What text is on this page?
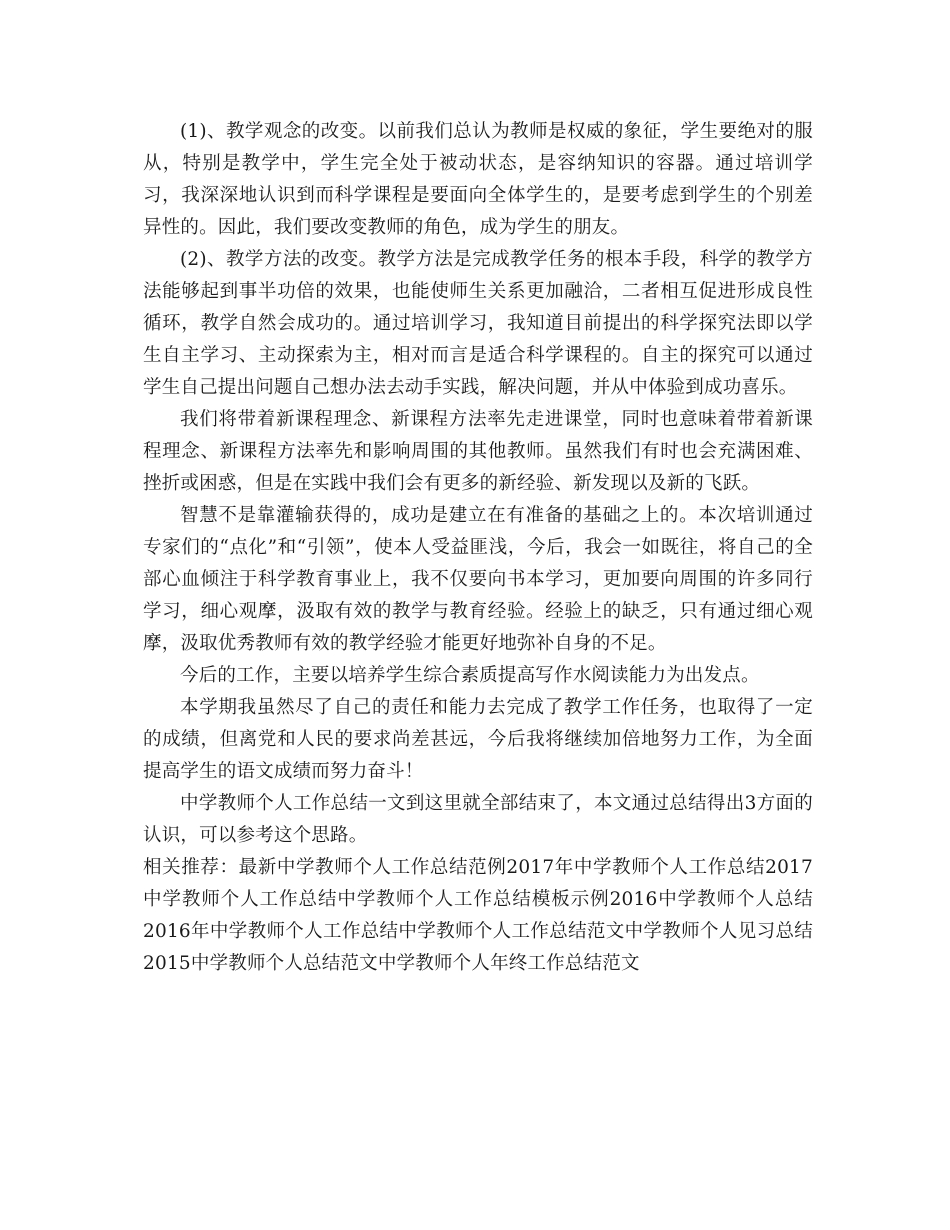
(1)、教学观念的改变。以前我们总认为教师是权威的象征，学生要绝对的服从，特别是教学中，学生完全处于被动状态，是容纳知识的容器。通过培训学习，我深深地认识到而科学课程是要面向全体学生的，是要考虑到学生的个别差异性的。因此，我们要改变教师的角色，成为学生的朋友。

(2)、教学方法的改变。教学方法是完成教学任务的根本手段，科学的教学方法能够起到事半功倍的效果，也能使师生关系更加融洽，二者相互促进形成良性循环，教学自然会成功的。通过培训学习，我知道目前提出的科学探究法即以学生自主学习、主动探索为主，相对而言是适合科学课程的。自主的探究可以通过学生自己提出问题自己想办法去动手实践，解决问题，并从中体验到成功喜乐。

我们将带着新课程理念、新课程方法率先走进课堂，同时也意味着带着新课程理念、新课程方法率先和影响周围的其他教师。虽然我们有时也会充满困难、挫折或困惑，但是在实践中我们会有更多的新经验、新发现以及新的飞跃。

智慧不是靠灌输获得的，成功是建立在有准备的基础之上的。本次培训通过专家们的“点化”和“引领”，使本人受益匪浅，今后，我会一如既往，将自己的全部心血倾注于科学教育事业上，我不仅要向书本学习，更加要向周围的许多同行学习，细心观摩，汲取有效的教学与教育经验。经验上的缺乏，只有通过细心观摩，汲取优秀教师有效的教学经验才能更好地弥补自身的不足。

今后的工作，主要以培养学生综合素质提高写作水阅读能力为出发点。

本学期我虽然尽了自己的责任和能力去完成了教学工作任务，也取得了一定的成绩，但离党和人民的要求尚差甚远，今后我将继续加倍地努力工作，为全面提高学生的语文成绩而努力奋斗！

中学教师个人工作总结一文到这里就全部结束了，本文通过总结得出3方面的认识，可以参考这个思路。

相关推荐：最新中学教师个人工作总结范例2017年中学教师个人工作总结2017中学教师个人工作总结中学教师个人工作总结模板示例2016中学教师个人总结2016年中学教师个人工作总结中学教师个人工作总结范文中学教师个人见习总结2015中学教师个人总结范文中学教师个人年终工作总结范文
